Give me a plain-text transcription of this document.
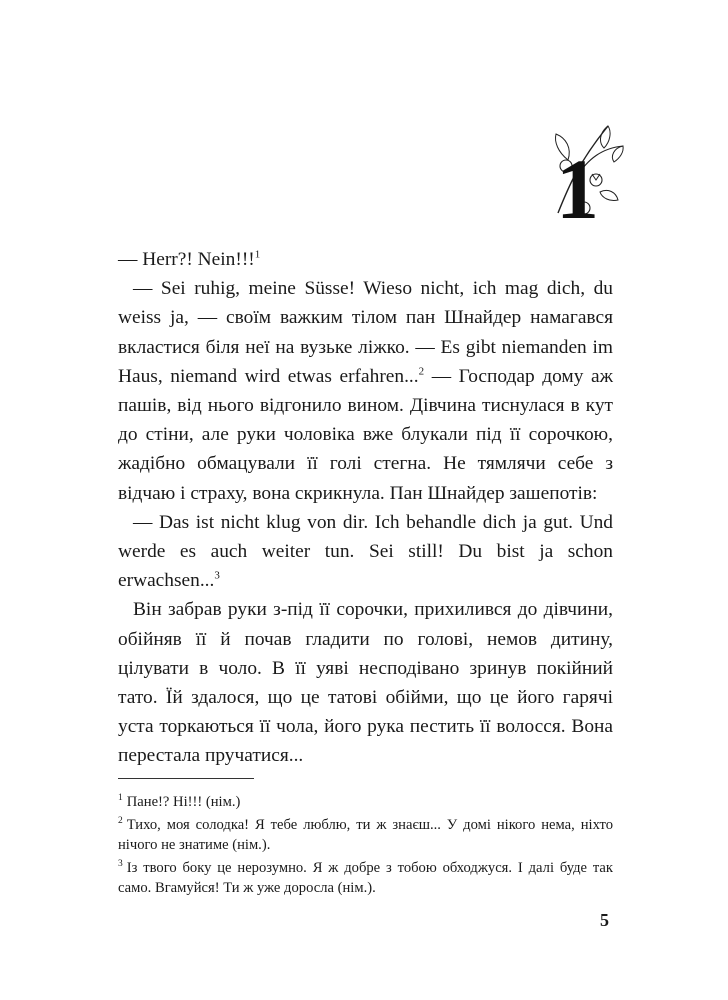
1

— Herr?! Nein!!!$^1$

— Sei ruhig, meine Süsse! Wieso nicht, ich mag dich, du weiss ja, — своїм важким тілом пан Шнайдер намагався вкластися біля неї на вузьке ліжко. — Es gibt niemanden im Haus, niemand wird etwas erfahren...$^2$ — Господар дому аж пашів, від нього відгонило вином. Дівчина тиснулася в кут до стіни, але руки чоловіка вже блукали під її сорочкою, жадібно обмацували її голі стегна. Не тямлячи себе з відчаю і страху, вона скрикнула. Пан Шнайдер зашепотів:

— Das ist nicht klug von dir. Ich behandle dich ja gut. Und werde es auch weiter tun. Sei still! Du bist ja schon erwachsen...$^3$

Він забрав руки з-під її сорочки, прихилився до дівчини, обійняв її й почав гладити по голові, немов дитину, цілувати в чоло. В її уяві несподівано зринув покійний тато. Їй здалося, що це татові обійми, що це його гарячі уста торкаються її чола, його рука пестить її волосся. Вона перестала пручатися...

$^1$ Пане!? Ні!!! (нім.)

$^2$ Тихо, моя солодка! Я тебе люблю, ти ж знаєш... У домі нікого нема, ніхто нічого не знатиме (нім.).

$^3$ Із твого боку це нерозумно. Я ж добре з тобою обходжуся. І далі буде так само. Вгамуйся! Ти ж уже доросла (нім.).

5
